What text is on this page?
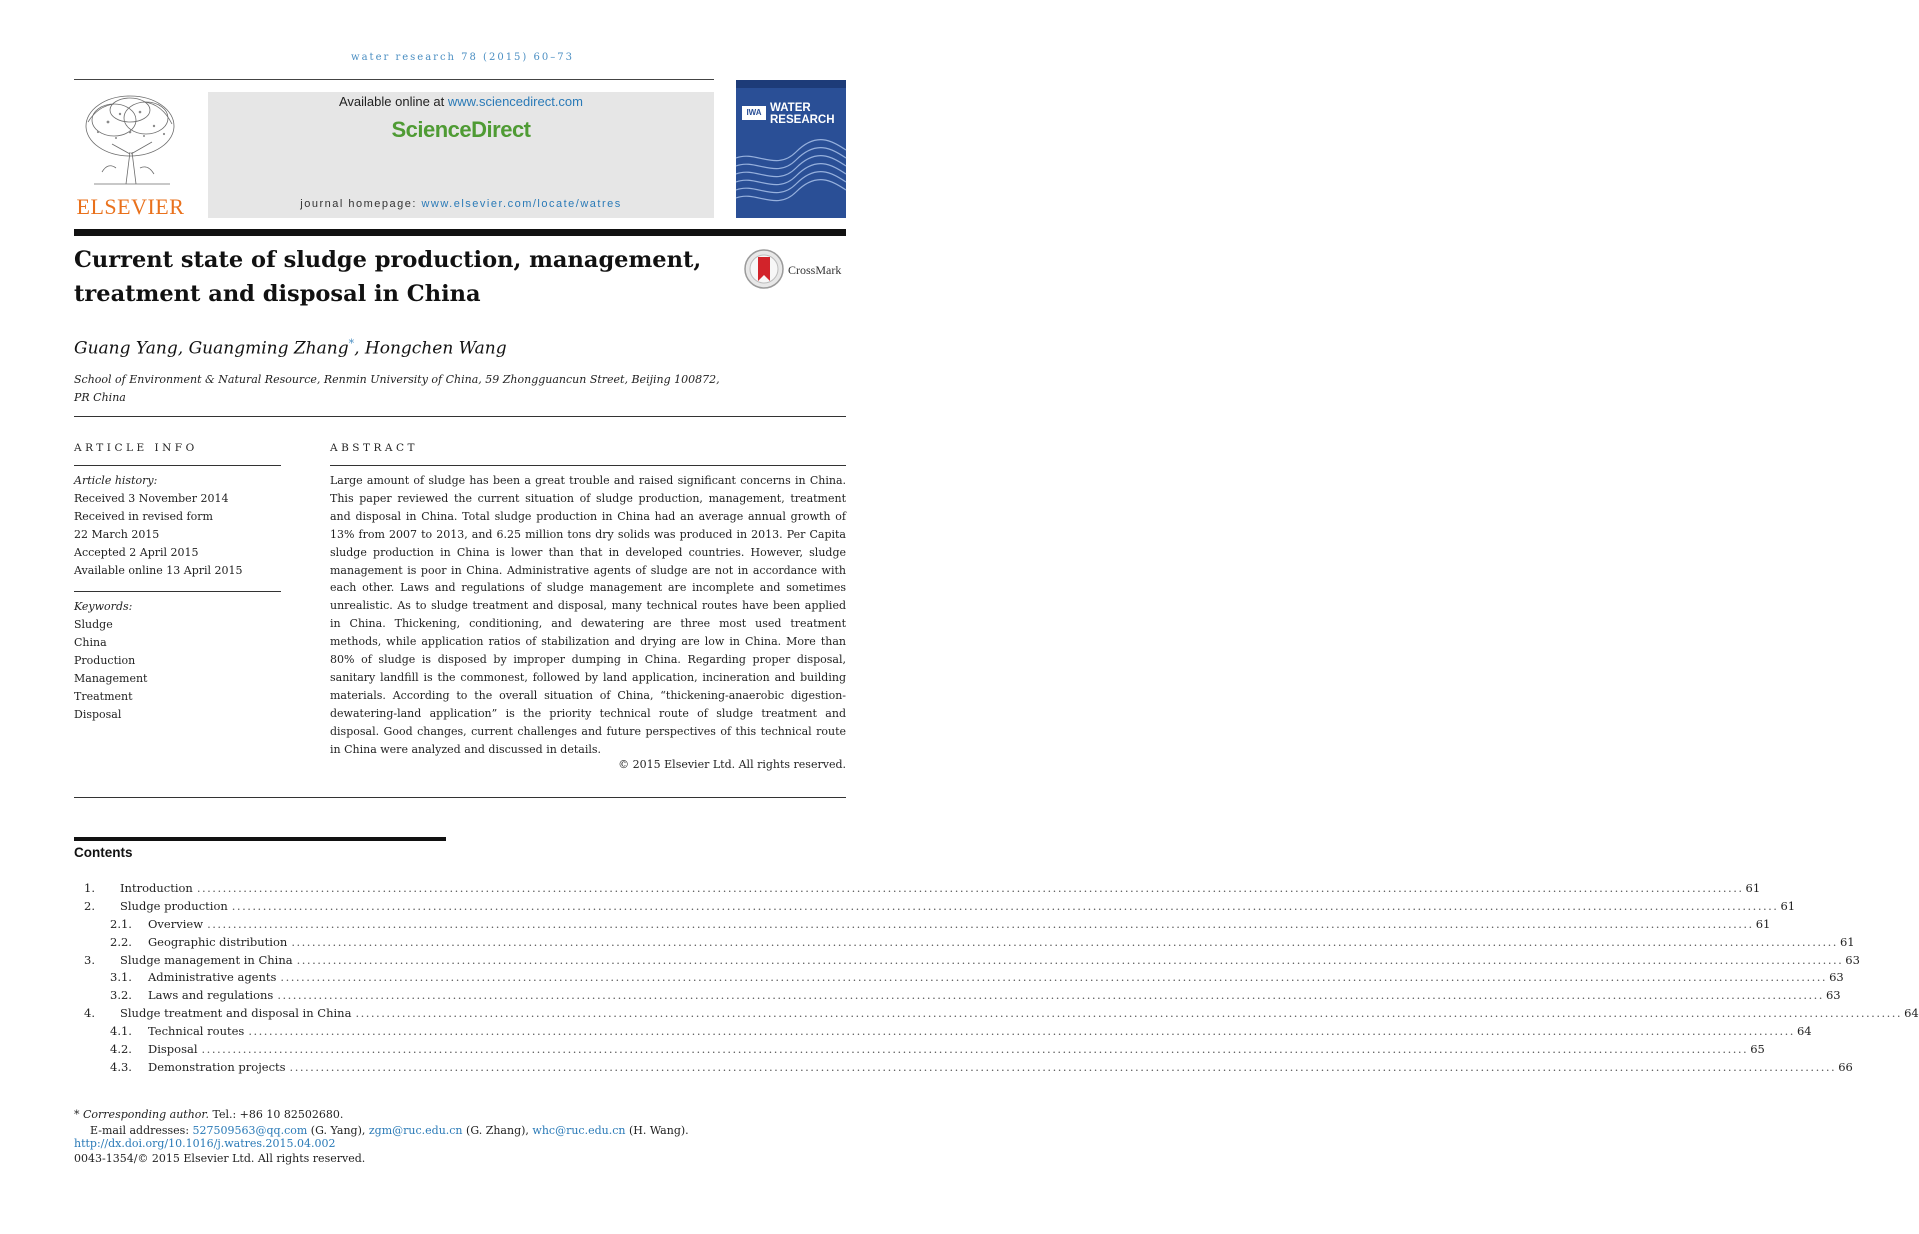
water research 78 (2015) 60–73
ELSEVIER
Available online at www.sciencedirect.com
ScienceDirect
journal homepage: www.elsevier.com/locate/watres
IWA WATER
RESEARCH
Current state of sludge production, management, treatment and disposal in China
CrossMark
Guang Yang, Guangming Zhang*, Hongchen Wang
School of Environment & Natural Resource, Renmin University of China, 59 Zhongguancun Street, Beijing 100872, PR China
ARTICLE INFO
Article history:
Received 3 November 2014
Received in revised form
22 March 2015
Accepted 2 April 2015
Available online 13 April 2015
Keywords:
Sludge
China
Production
Management
Treatment
Disposal
ABSTRACT
Large amount of sludge has been a great trouble and raised significant concerns in China. This paper reviewed the current situation of sludge production, management, treatment and disposal in China. Total sludge production in China had an average annual growth of 13% from 2007 to 2013, and 6.25 million tons dry solids was produced in 2013. Per Capita sludge production in China is lower than that in developed countries. However, sludge management is poor in China. Administrative agents of sludge are not in accordance with each other. Laws and regulations of sludge management are incomplete and sometimes unrealistic. As to sludge treatment and disposal, many technical routes have been applied in China. Thickening, conditioning, and dewatering are three most used treatment methods, while application ratios of stabilization and drying are low in China. More than 80% of sludge is disposed by improper dumping in China. Regarding proper disposal, sanitary landfill is the commonest, followed by land application, incineration and building materials. According to the overall situation of China, “thickening-anaerobic digestion-dewatering-land application” is the priority technical route of sludge treatment and disposal. Good changes, current challenges and future perspectives of this technical route in China were analyzed and discussed in details.
© 2015 Elsevier Ltd. All rights reserved.
Contents
1.	Introduction ............................................................................................................................................................................................................................................................................................................ 61
2.	Sludge production ............................................................................................................................................................................................................................................................................................................ 61
2.1.	Overview ............................................................................................................................................................................................................................................................................................................ 61
2.2.	Geographic distribution ............................................................................................................................................................................................................................................................................................................ 61
3.	Sludge management in China ............................................................................................................................................................................................................................................................................................................ 63
3.1.	Administrative agents ............................................................................................................................................................................................................................................................................................................ 63
3.2.	Laws and regulations ............................................................................................................................................................................................................................................................................................................ 63
4.	Sludge treatment and disposal in China ............................................................................................................................................................................................................................................................................................................ 64
4.1.	Technical routes ............................................................................................................................................................................................................................................................................................................ 64
4.2.	Disposal ............................................................................................................................................................................................................................................................................................................ 65
4.3.	Demonstration projects ............................................................................................................................................................................................................................................................................................................ 66
* Corresponding author. Tel.: +86 10 82502680.
E-mail addresses: 527509563@qq.com (G. Yang), zgm@ruc.edu.cn (G. Zhang), whc@ruc.edu.cn (H. Wang).
http://dx.doi.org/10.1016/j.watres.2015.04.002
0043-1354/© 2015 Elsevier Ltd. All rights reserved.
